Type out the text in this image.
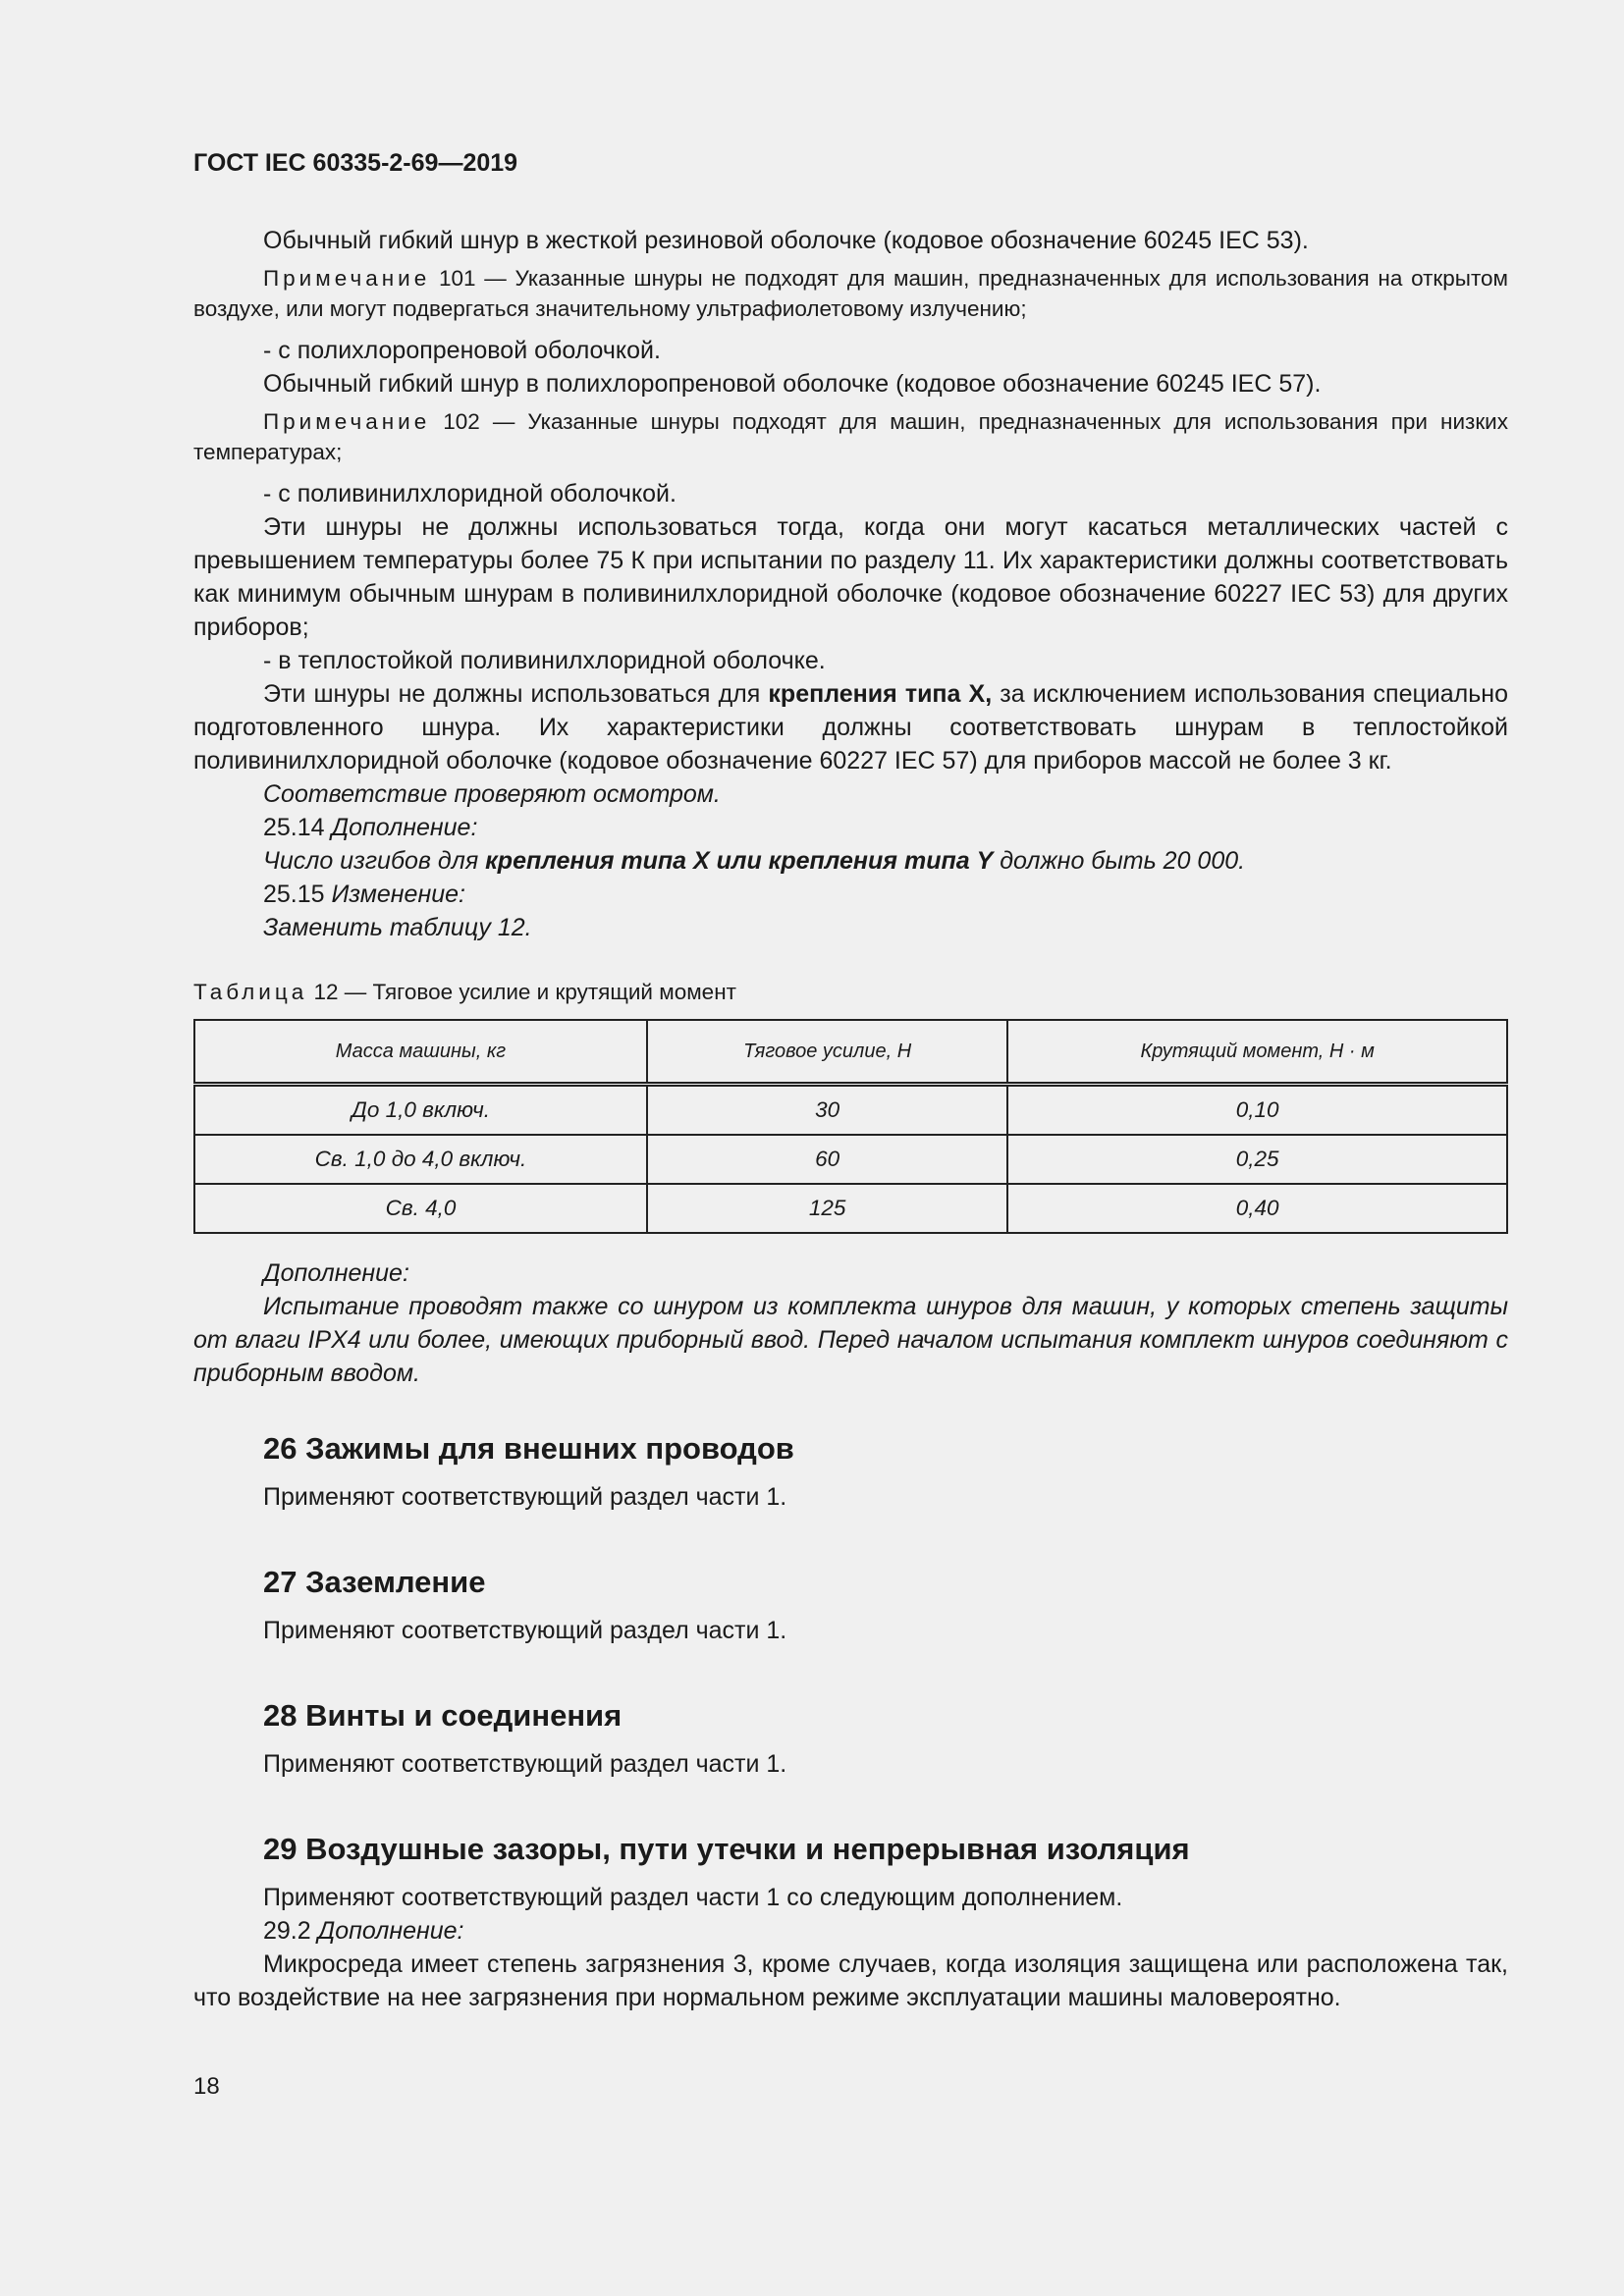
ГОСТ IEC 60335-2-69—2019

Обычный гибкий шнур в жесткой резиновой оболочке (кодовое обозначение 60245 IEC 53).

Примечание 101 — Указанные шнуры не подходят для машин, предназначенных для использования на открытом воздухе, или могут подвергаться значительному ультрафиолетовому излучению;

- с полихлоропреновой оболочкой.

Обычный гибкий шнур в полихлоропреновой оболочке (кодовое обозначение 60245 IEC 57).

Примечание 102 — Указанные шнуры подходят для машин, предназначенных для использования при низких температурах;

- с поливинилхлоридной оболочкой.

Эти шнуры не должны использоваться тогда, когда они могут касаться металлических частей с превышением температуры более 75 К при испытании по разделу 11. Их характеристики должны соответствовать как минимум обычным шнурам в поливинилхлоридной оболочке (кодовое обозначение 60227 IEC 53) для других приборов;

- в теплостойкой поливинилхлоридной оболочке.

Эти шнуры не должны использоваться для крепления типа X, за исключением использования специально подготовленного шнура. Их характеристики должны соответствовать шнурам в теплостойкой поливинилхлоридной оболочке (кодовое обозначение 60227 IEC 57) для приборов массой не более 3 кг.

Соответствие проверяют осмотром.

25.14 Дополнение:

Число изгибов для крепления типа X или крепления типа Y должно быть 20 000.

25.15 Изменение:

Заменить таблицу 12.

Таблица 12 — Тяговое усилие и крутящий момент

Масса машины, кг	Тяговое усилие, Н	Крутящий момент, Н · м
До 1,0 включ.	30	0,10
Св. 1,0 до 4,0 включ.	60	0,25
Св. 4,0	125	0,40

Дополнение:

Испытание проводят также со шнуром из комплекта шнуров для машин, у которых степень защиты от влаги IPX4 или более, имеющих приборный ввод. Перед началом испытания комплект шнуров соединяют с приборным вводом.

26 Зажимы для внешних проводов

Применяют соответствующий раздел части 1.

27 Заземление

Применяют соответствующий раздел части 1.

28 Винты и соединения

Применяют соответствующий раздел части 1.

29 Воздушные зазоры, пути утечки и непрерывная изоляция

Применяют соответствующий раздел части 1 со следующим дополнением.

29.2 Дополнение:

Микросреда имеет степень загрязнения 3, кроме случаев, когда изоляция защищена или расположена так, что воздействие на нее загрязнения при нормальном режиме эксплуатации машины маловероятно.

18
